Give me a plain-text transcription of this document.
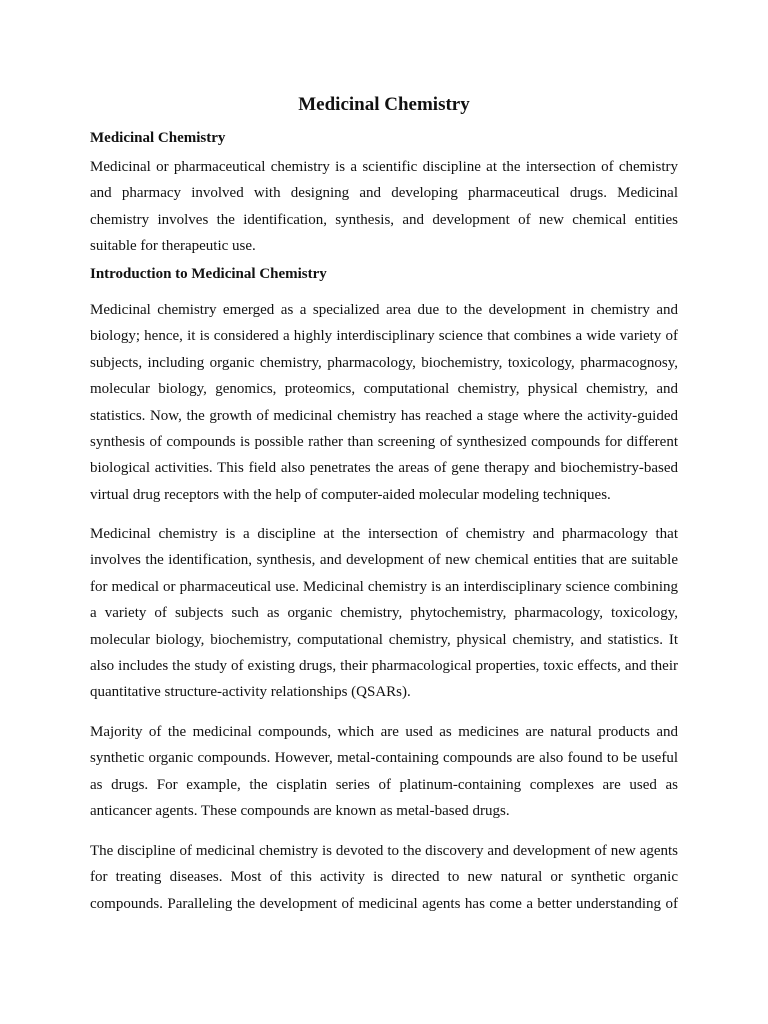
Medicinal Chemistry
Medicinal Chemistry

Medicinal or pharmaceutical chemistry is a scientific discipline at the intersection of chemistry and pharmacy involved with designing and developing pharmaceutical drugs. Medicinal chemistry involves the identification, synthesis, and development of new chemical entities suitable for therapeutic use.

Introduction to Medicinal Chemistry

Medicinal chemistry emerged as a specialized area due to the development in chemistry and biology; hence, it is considered a highly interdisciplinary science that combines a wide variety of subjects, including organic chemistry, pharmacology, biochemistry, toxicology, pharmacognosy, molecular biology, genomics, proteomics, computational chemistry, physical chemistry, and statistics. Now, the growth of medicinal chemistry has reached a stage where the activity-guided synthesis of compounds is possible rather than screening of synthesized compounds for different biological activities. This field also penetrates the areas of gene therapy and biochemistry-based virtual drug receptors with the help of computer-aided molecular modeling techniques.

Medicinal chemistry is a discipline at the intersection of chemistry and pharmacology that involves the identification, synthesis, and development of new chemical entities that are suitable for medical or pharmaceutical use. Medicinal chemistry is an interdisciplinary science combining a variety of subjects such as organic chemistry, phytochemistry, pharmacology, toxicology, molecular biology, biochemistry, computational chemistry, physical chemistry, and statistics. It also includes the study of existing drugs, their pharmacological properties, toxic effects, and their quantitative structure-activity relationships (QSARs).

Majority of the medicinal compounds, which are used as medicines are natural products and synthetic organic compounds. However, metal-containing compounds are also found to be useful as drugs. For example, the cisplatin series of platinum-containing complexes are used as anticancer agents. These compounds are known as metal-based drugs.

The discipline of medicinal chemistry is devoted to the discovery and development of new agents for treating diseases. Most of this activity is directed to new natural or synthetic organic compounds. Paralleling the development of medicinal agents has come a better understanding of
